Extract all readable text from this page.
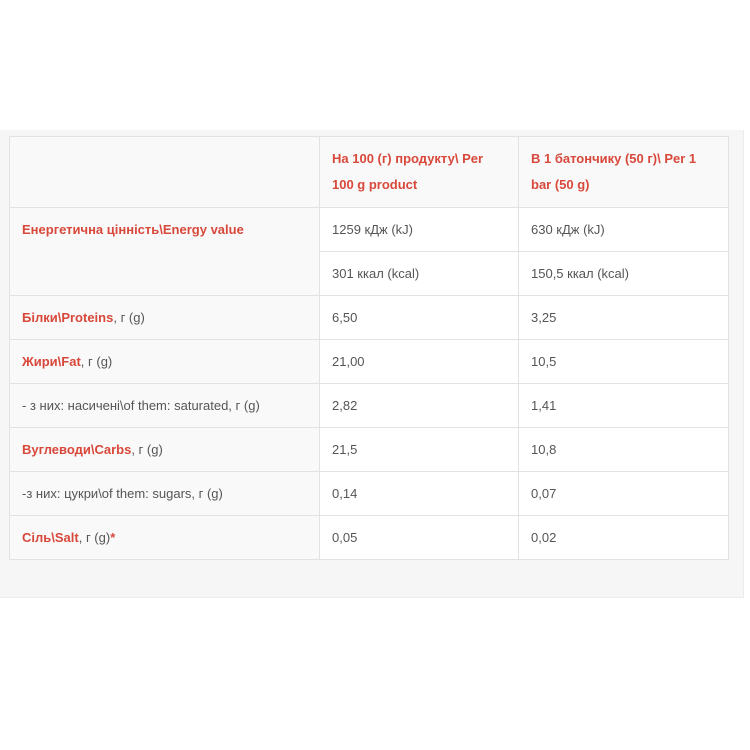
	На 100 (г) продукту\ Per 100 g product	В 1 батончику (50 г)\ Per 1 bar (50 g)
Енергетична цінність\Energy value	1259 кДж (kJ)	630 кДж (kJ)
	301 ккал (kcal)	150,5 ккал (kcal)
Білки\Proteins, г (g)	6,50	3,25
Жири\Fat, г (g)	21,00	10,5
- з них: насичені\of them: saturated, г (g)	2,82	1,41
Вуглеводи\Carbs, г (g)	21,5	10,8
-з них: цукри\of them: sugars, г (g)	0,14	0,07
Сіль\Salt, г (g)*	0,05	0,02
